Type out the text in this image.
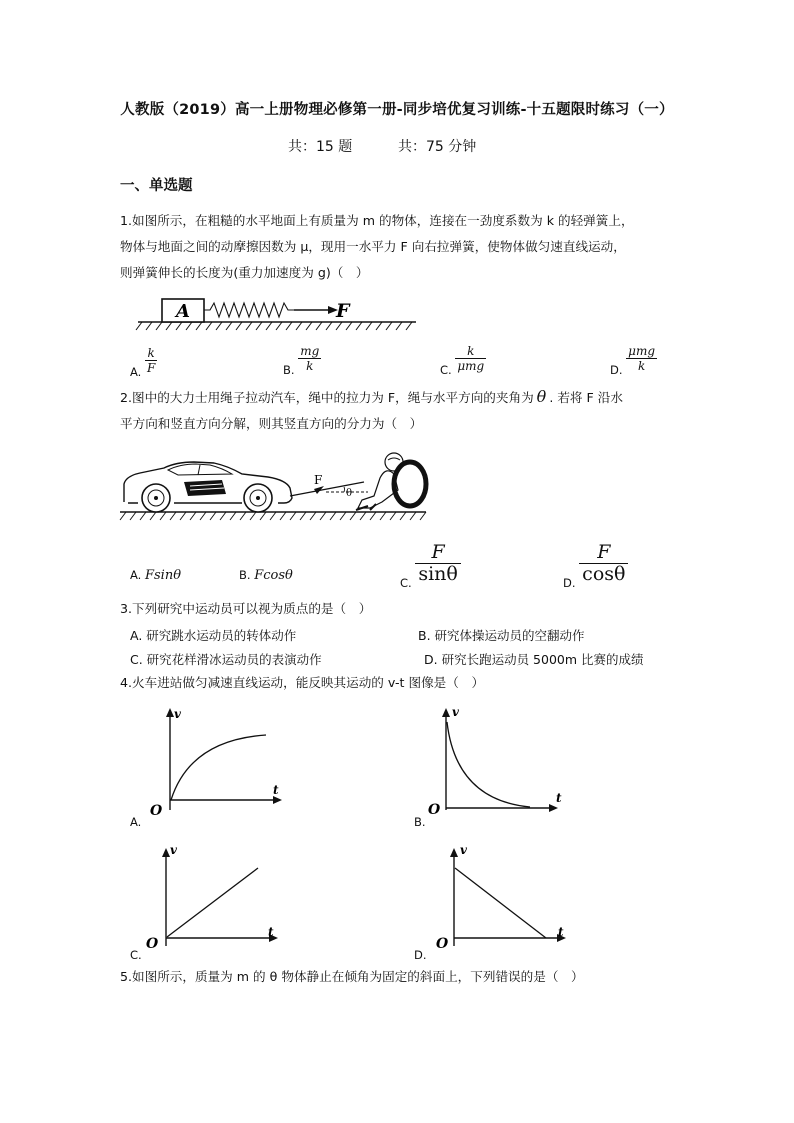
人教版（2019）高一上册物理必修第一册-同步培优复习训练-十五题限时练习（一）
共：15 题	共：75 分钟
一、单选题
1.如图所示，在粗糙的水平地面上有质量为 m 的物体，连接在一劲度系数为 k 的轻弹簧上，
物体与地面之间的动摩擦因数为 μ，现用一水平力 F 向右拉弹簧，使物体做匀速直线运动，
则弹簧伸长的长度为(重力加速度为 g)（　）
A	F
A. $\frac{k}{F}$	B. $\frac{mg}{k}$	C. $\frac{k}{\text{μmg}}$	D. $\frac{\text{μmg}}{k}$
2.图中的大力士用绳子拉动汽车，绳中的拉力为 F，绳与水平方向的夹角为 θ . 若将 F 沿水
平方向和竖直方向分解，则其竖直方向的分力为（　）
F
θ
A. Fsinθ	B. Fcosθ	C. $\frac{F}{\sin\theta}$	D. $\frac{F}{\cos\theta}$
3.下列研究中运动员可以视为质点的是（　）
A. 研究跳水运动员的转体动作	B. 研究体操运动员的空翻动作
C. 研究花样滑冰运动员的表演动作	D. 研究长跑运动员 5000m 比赛的成绩
4.火车进站做匀减速直线运动，能反映其运动的 v-t 图像是（　）
v
t
O
A.
v
t
O
B.
v
t
O
C.
v
t
O
D.
5.如图所示，质量为 m 的 θ 物体静止在倾角为固定的斜面上，下列错误的是（　）
